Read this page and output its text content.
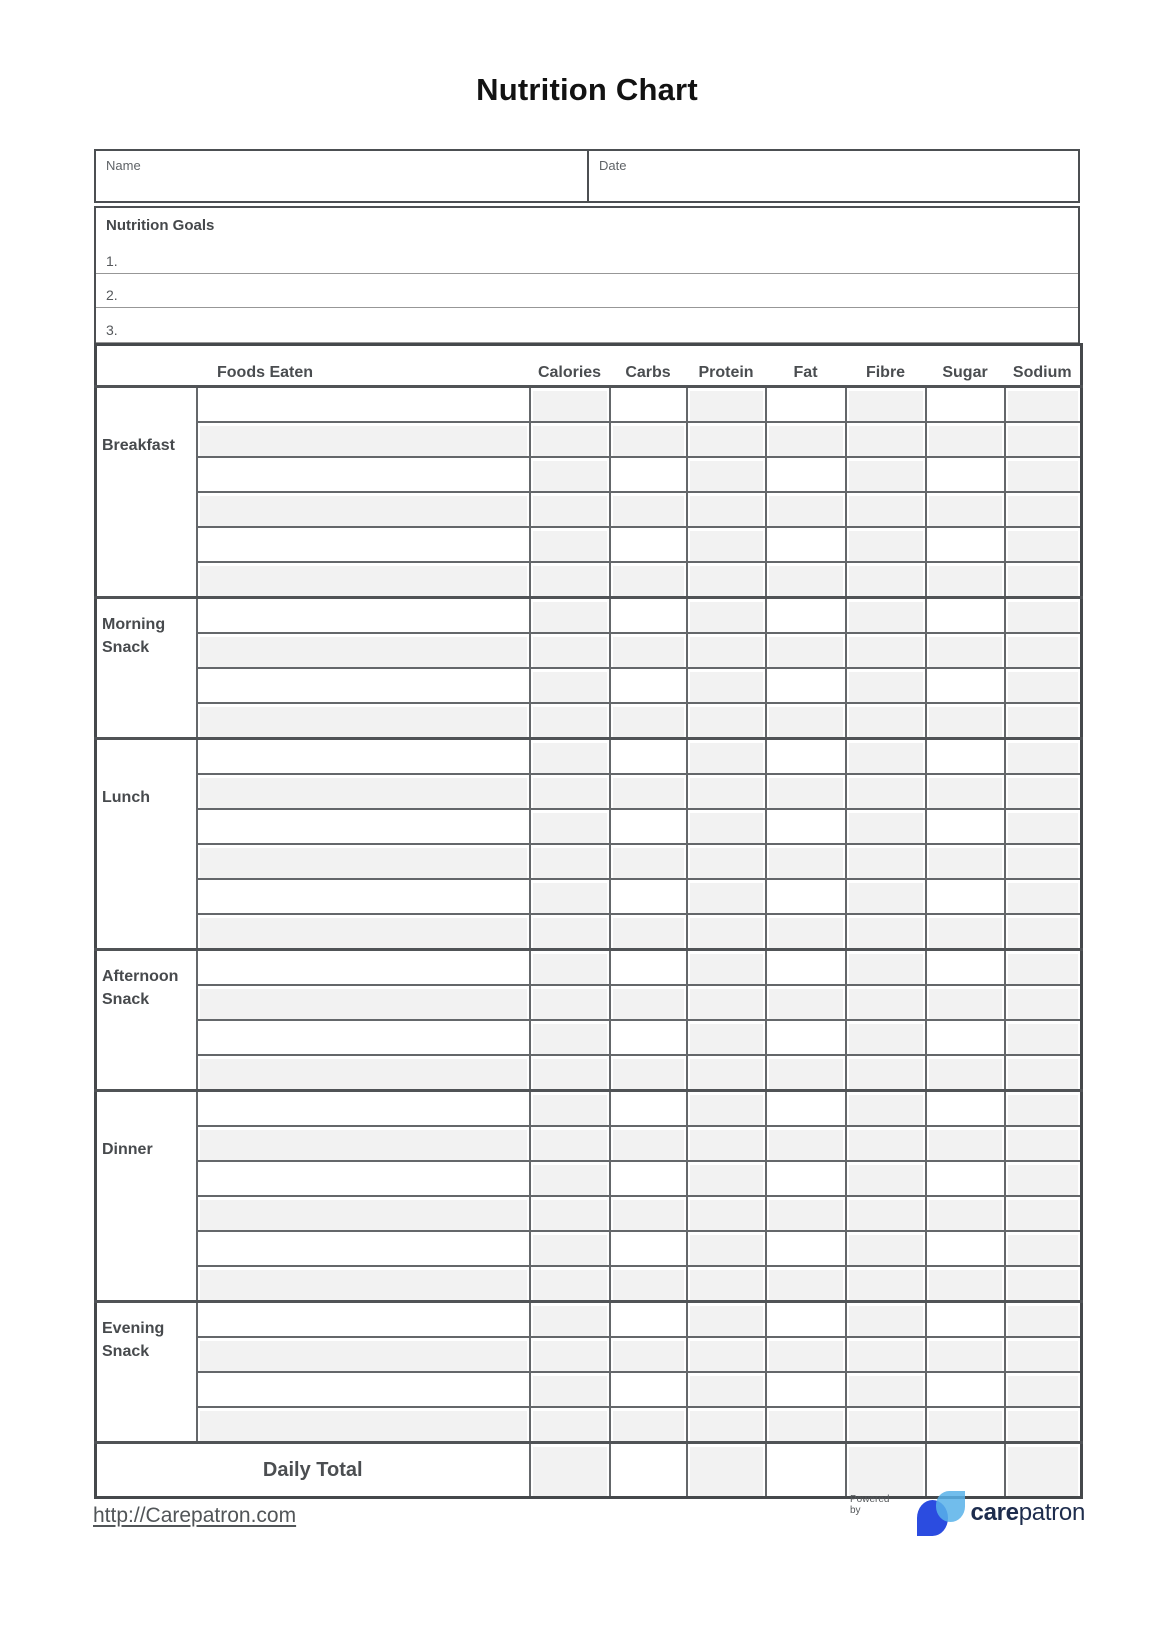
Nutrition Chart
Name	Date
Nutrition Goals
1.
2.
3.
Foods Eaten		Calories	Carbs	Protein	Fat	Fibre	Sugar	Sodium
Breakfast								

Morning Snack								

Lunch								

Afternoon Snack								

Dinner								

Evening Snack								

Daily Total								
http://Carepatron.com
Powered by	carepatron
